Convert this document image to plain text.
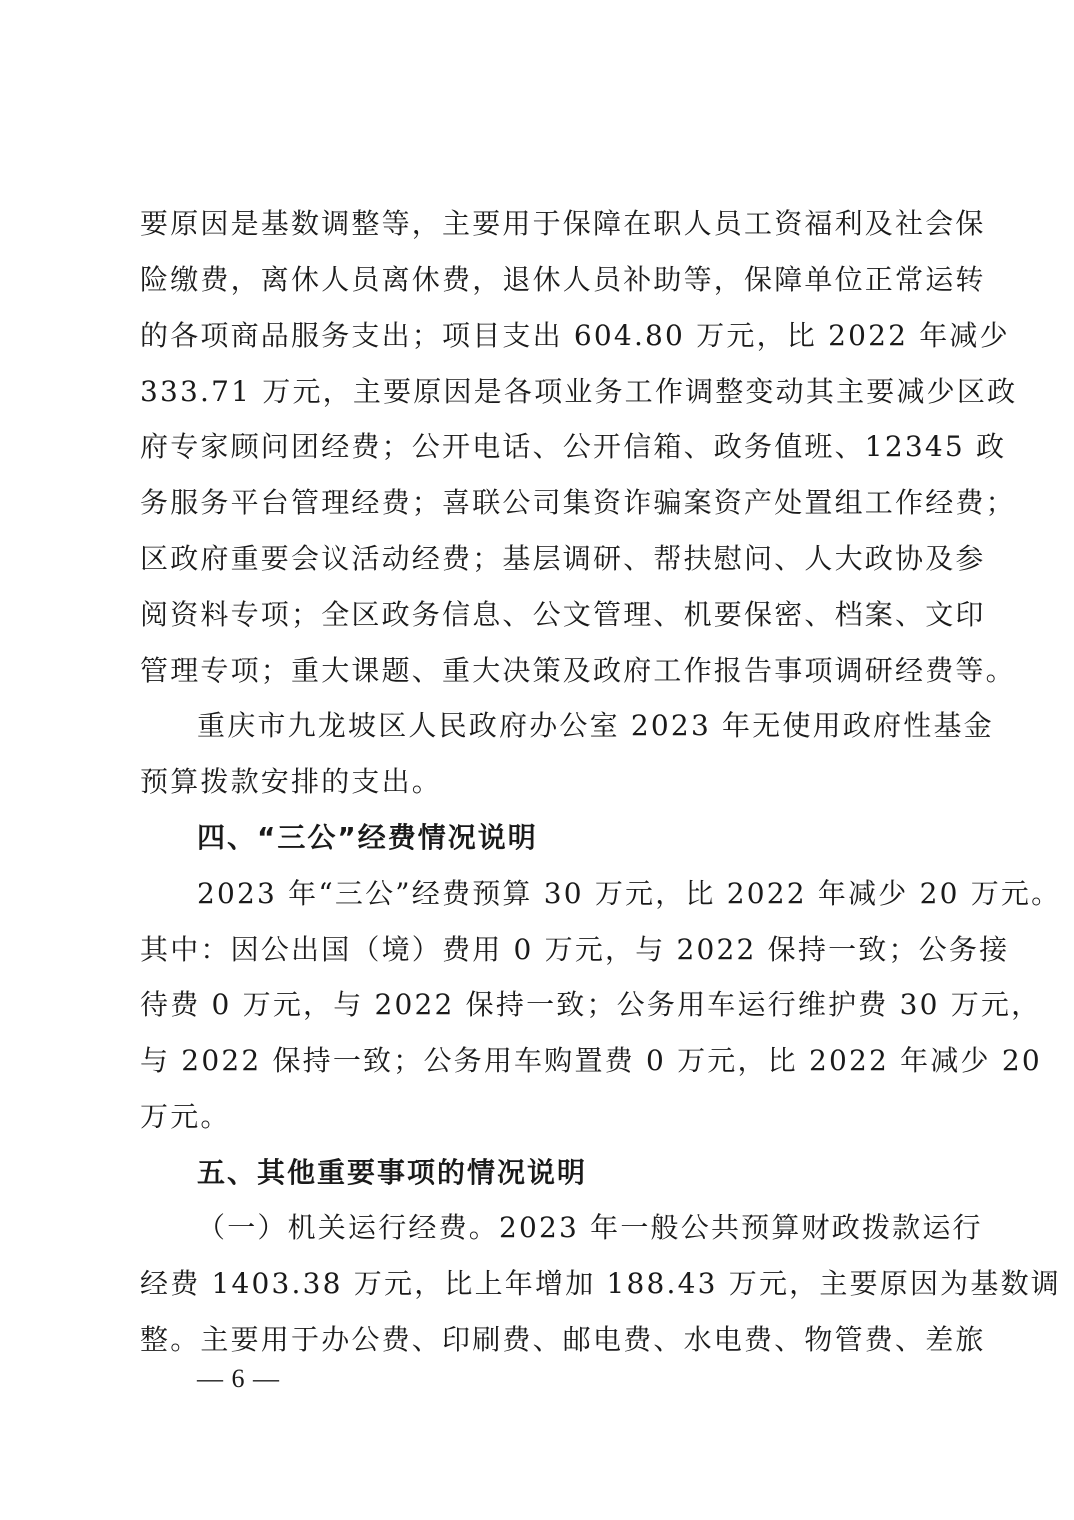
要原因是基数调整等，主要用于保障在职人员工资福利及社会保
险缴费，离休人员离休费，退休人员补助等，保障单位正常运转
的各项商品服务支出；项目支出 604.80 万元，比 2022 年减少
333.71 万元，主要原因是各项业务工作调整变动其主要减少区政
府专家顾问团经费；公开电话、公开信箱、政务值班、12345 政
务服务平台管理经费；喜联公司集资诈骗案资产处置组工作经费；
区政府重要会议活动经费；基层调研、帮扶慰问、人大政协及参
阅资料专项；全区政务信息、公文管理、机要保密、档案、文印
管理专项；重大课题、重大决策及政府工作报告事项调研经费等。
重庆市九龙坡区人民政府办公室 2023 年无使用政府性基金
预算拨款安排的支出。
四、“三公”经费情况说明
2023 年“三公”经费预算 30 万元，比 2022 年减少 20 万元。
其中：因公出国（境）费用 0 万元，与 2022 保持一致；公务接
待费 0 万元，与 2022 保持一致；公务用车运行维护费 30 万元，
与 2022 保持一致；公务用车购置费 0 万元，比 2022 年减少 20
万元。
五、其他重要事项的情况说明
（一）机关运行经费。2023 年一般公共预算财政拨款运行
经费 1403.38 万元，比上年增加 188.43 万元，主要原因为基数调
整。主要用于办公费、印刷费、邮电费、水电费、物管费、差旅
— 6 —
